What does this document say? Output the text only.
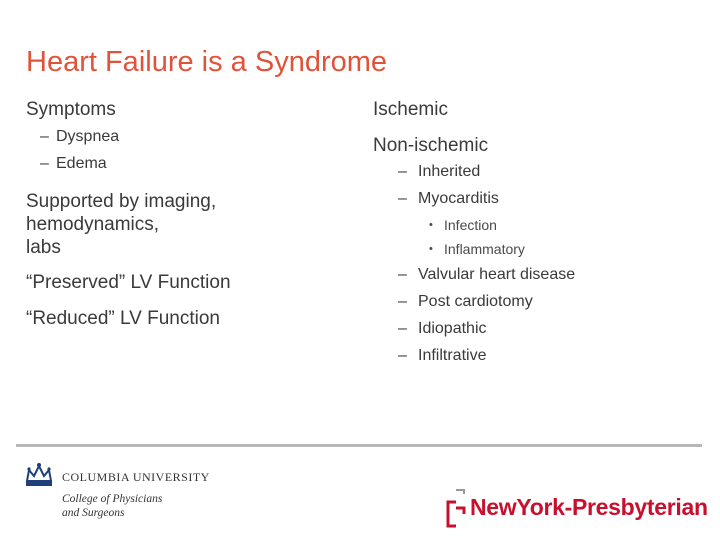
Heart Failure is a Syndrome
Symptoms
– Dyspnea
– Edema
Supported by imaging,
hemodynamics,
labs
“Preserved” LV Function
“Reduced” LV Function
Ischemic
Non-ischemic
– Inherited
– Myocarditis
• Infection
• Inflammatory
– Valvular heart disease
– Post cardiotomy
– Idiopathic
– Infiltrative
COLUMBIA UNIVERSITY
College of Physicians
and Surgeons	NewYork-Presbyterian
